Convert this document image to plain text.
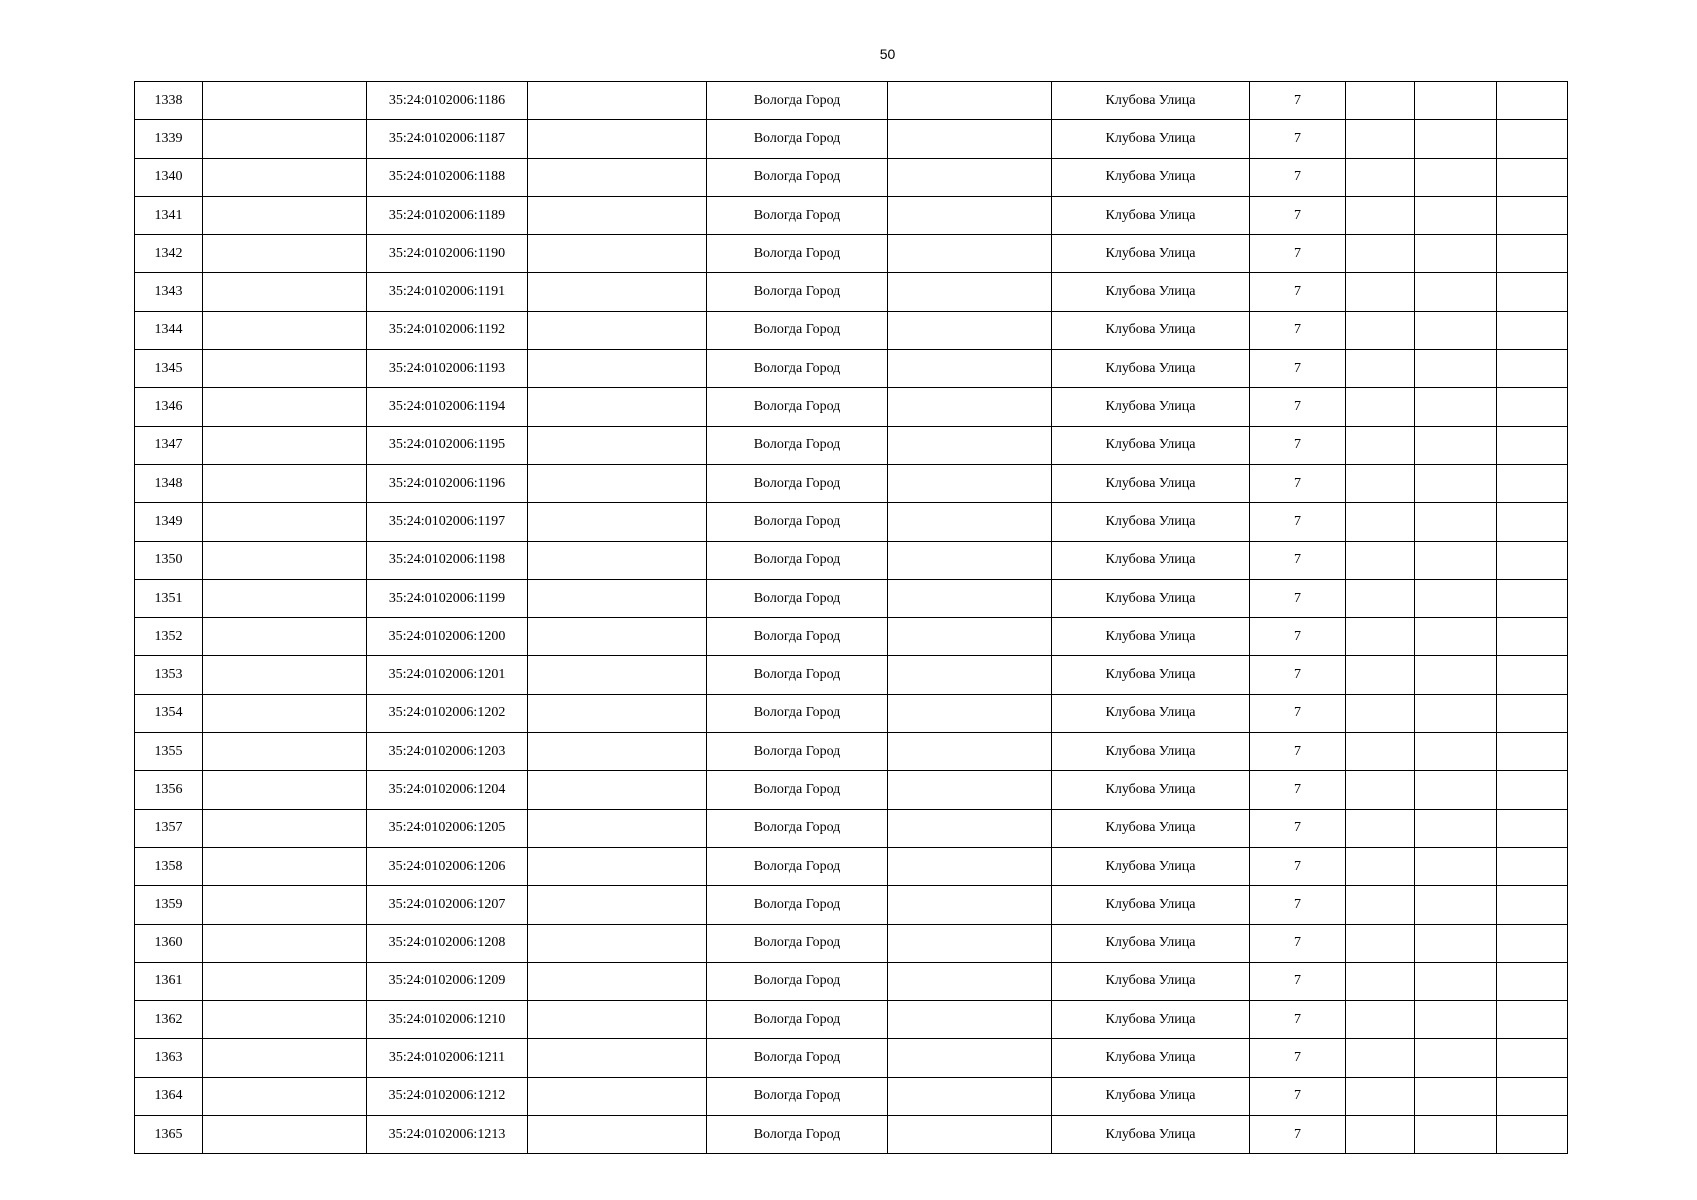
50
1338		35:24:0102006:1186		Вологда Город		Клубова Улица	7			
1339		35:24:0102006:1187		Вологда Город		Клубова Улица	7			
1340		35:24:0102006:1188		Вологда Город		Клубова Улица	7			
1341		35:24:0102006:1189		Вологда Город		Клубова Улица	7			
1342		35:24:0102006:1190		Вологда Город		Клубова Улица	7			
1343		35:24:0102006:1191		Вологда Город		Клубова Улица	7			
1344		35:24:0102006:1192		Вологда Город		Клубова Улица	7			
1345		35:24:0102006:1193		Вологда Город		Клубова Улица	7			
1346		35:24:0102006:1194		Вологда Город		Клубова Улица	7			
1347		35:24:0102006:1195		Вологда Город		Клубова Улица	7			
1348		35:24:0102006:1196		Вологда Город		Клубова Улица	7			
1349		35:24:0102006:1197		Вологда Город		Клубова Улица	7			
1350		35:24:0102006:1198		Вологда Город		Клубова Улица	7			
1351		35:24:0102006:1199		Вологда Город		Клубова Улица	7			
1352		35:24:0102006:1200		Вологда Город		Клубова Улица	7			
1353		35:24:0102006:1201		Вологда Город		Клубова Улица	7			
1354		35:24:0102006:1202		Вологда Город		Клубова Улица	7			
1355		35:24:0102006:1203		Вологда Город		Клубова Улица	7			
1356		35:24:0102006:1204		Вологда Город		Клубова Улица	7			
1357		35:24:0102006:1205		Вологда Город		Клубова Улица	7			
1358		35:24:0102006:1206		Вологда Город		Клубова Улица	7			
1359		35:24:0102006:1207		Вологда Город		Клубова Улица	7			
1360		35:24:0102006:1208		Вологда Город		Клубова Улица	7			
1361		35:24:0102006:1209		Вологда Город		Клубова Улица	7			
1362		35:24:0102006:1210		Вологда Город		Клубова Улица	7			
1363		35:24:0102006:1211		Вологда Город		Клубова Улица	7			
1364		35:24:0102006:1212		Вологда Город		Клубова Улица	7			
1365		35:24:0102006:1213		Вологда Город		Клубова Улица	7			
